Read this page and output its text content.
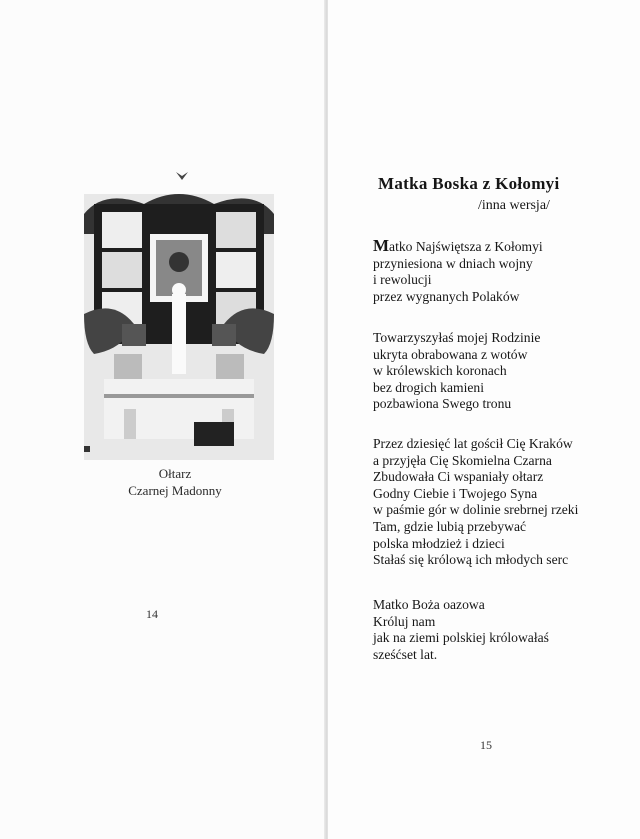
Ołtarz
Czarnej Madonny
14
Matka Boska z Kołomyi
/inna wersja/
Matko Najświętsza z Kołomyi
przyniesiona w dniach wojny
i rewolucji
przez wygnanych Polaków
Towarzyszyłaś mojej Rodzinie
ukryta obrabowana z wotów
w królewskich koronach
bez drogich kamieni
pozbawiona Swego tronu
Przez dziesięć lat gościł Cię Kraków
a przyjęła Cię Skomielna Czarna
Zbudowała Ci wspaniały ołtarz
Godny Ciebie i Twojego Syna
w paśmie gór w dolinie srebrnej rzeki
Tam, gdzie lubią przebywać
polska młodzież i dzieci
Stałaś się królową ich młodych serc
Matko Boża oazowa
Króluj nam
jak na ziemi polskiej królowałaś
sześćset lat.
15
